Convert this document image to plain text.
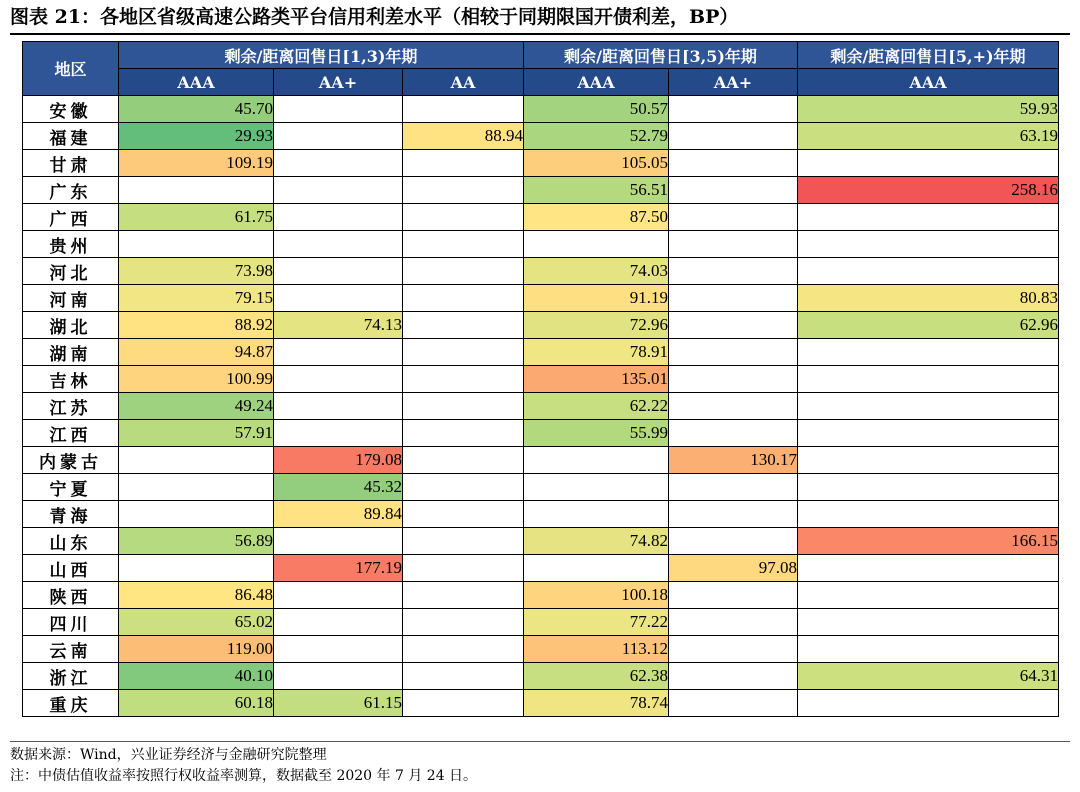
图表 21：各地区省级高速公路类平台信用利差水平（相较于同期限国开债利差，BP）
地区	剩余/距离回售日[1,3)年期			剩余/距离回售日[3,5)年期		剩余/距离回售日[5,+)年期
	AAA	AA+	AA	AAA	AA+	AAA
安徽	45.70			50.57		59.93
福建	29.93		88.94	52.79		63.19
甘肃	109.19			105.05		
广东				56.51		258.16
广西	61.75			87.50		
贵州						
河北	73.98			74.03		
河南	79.15			91.19		80.83
湖北	88.92	74.13		72.96		62.96
湖南	94.87			78.91		
吉林	100.99			135.01		
江苏	49.24			62.22		
江西	57.91			55.99		
内蒙古		179.08			130.17	
宁夏		45.32				
青海		89.84				
山东	56.89			74.82		166.15
山西		177.19			97.08	
陕西	86.48			100.18		
四川	65.02			77.22		
云南	119.00			113.12		
浙江	40.10			62.38		64.31
重庆	60.18	61.15		78.74		
数据来源：Wind，兴业证券经济与金融研究院整理
注：中债估值收益率按照行权收益率测算，数据截至 2020 年 7 月 24 日。
